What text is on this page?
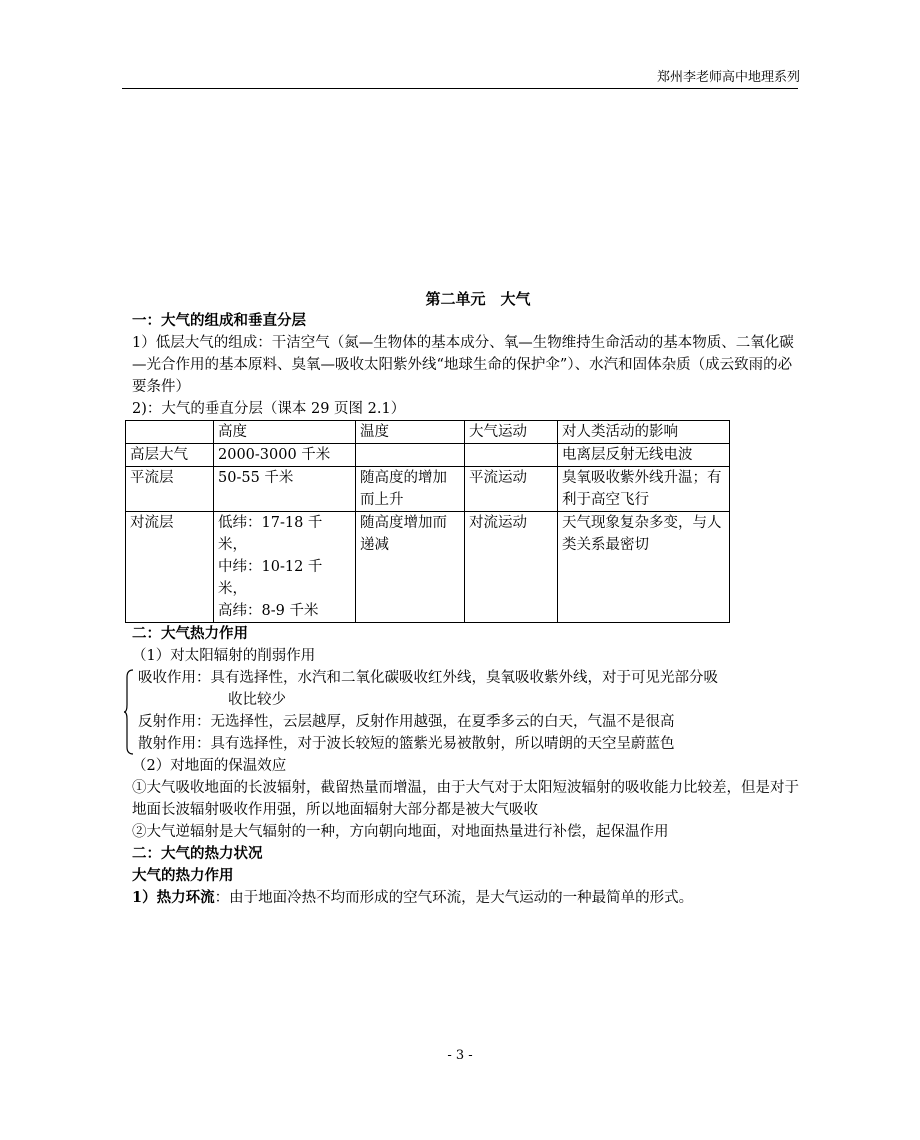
郑州李老师高中地理系列

第二单元　大气

一：大气的组成和垂直分层

1）低层大气的组成：干洁空气（氮—生物体的基本成分、氧—生物维持生命活动的基本物质、二氧化碳—光合作用的基本原料、臭氧—吸收太阳紫外线“地球生命的保护伞”）、水汽和固体杂质（成云致雨的必要条件）

2)：大气的垂直分层（课本 29 页图 2.1）

	高度	温度	大气运动	对人类活动的影响
高层大气	2000-3000 千米			电离层反射无线电波
平流层	50-55 千米	随高度的增加而上升	平流运动	臭氧吸收紫外线升温；有利于高空飞行
对流层	低纬：17-18 千米，
中纬：10-12 千米，
高纬：8-9 千米	随高度增加而递减	对流运动	天气现象复杂多变，与人类关系最密切

二：大气热力作用

（1）对太阳辐射的削弱作用

吸收作用：具有选择性，水汽和二氧化碳吸收红外线，臭氧吸收紫外线，对于可见光部分吸

收比较少

反射作用：无选择性，云层越厚，反射作用越强，在夏季多云的白天，气温不是很高

散射作用：具有选择性，对于波长较短的篮紫光易被散射，所以晴朗的天空呈蔚蓝色

（2）对地面的保温效应

①大气吸收地面的长波辐射，截留热量而增温，由于大气对于太阳短波辐射的吸收能力比较差，但是对于地面长波辐射吸收作用强，所以地面辐射大部分都是被大气吸收

②大气逆辐射是大气辐射的一种，方向朝向地面，对地面热量进行补偿，起保温作用

二：大气的热力状况

大气的热力作用

1）热力环流：由于地面冷热不均而形成的空气环流，是大气运动的一种最简单的形式。

- 3 -
